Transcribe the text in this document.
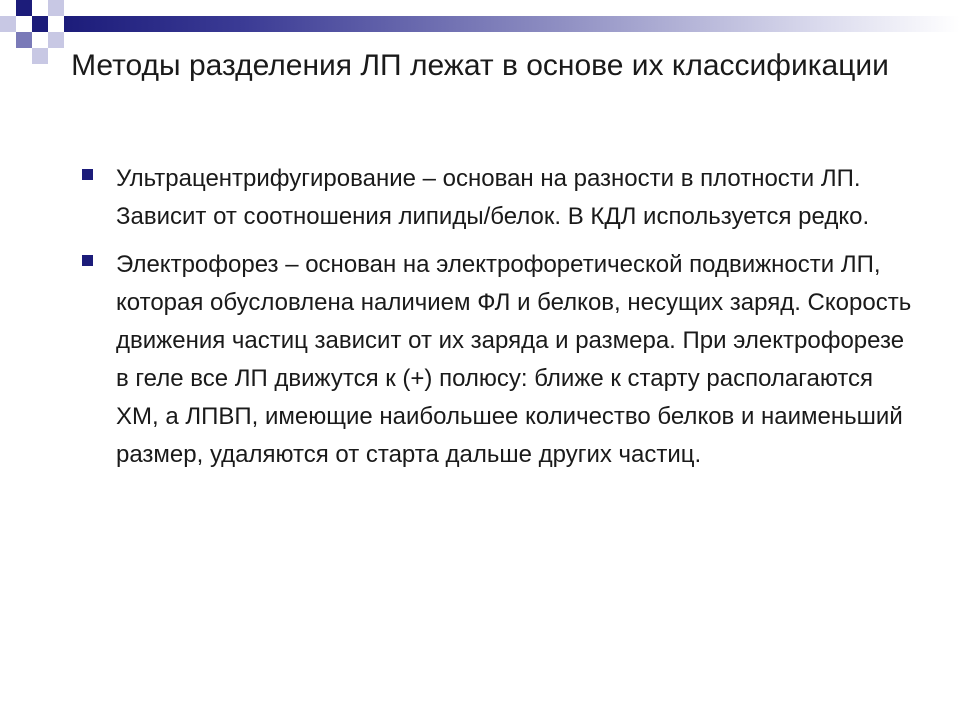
Методы разделения ЛП лежат в основе их классификации
Ультрацентрифугирование – основан на разности в плотности ЛП. Зависит от соотношения липиды/белок. В КДЛ используется редко.
Электрофорез – основан на электрофоретической подвижности ЛП, которая обусловлена наличием ФЛ и белков, несущих заряд. Скорость движения частиц зависит от их заряда и размера. При электрофорезе в геле все ЛП движутся к (+) полюсу: ближе к старту располагаются ХМ, а ЛПВП, имеющие наибольшее количество белков и наименьший размер, удаляются от старта дальше других частиц.
